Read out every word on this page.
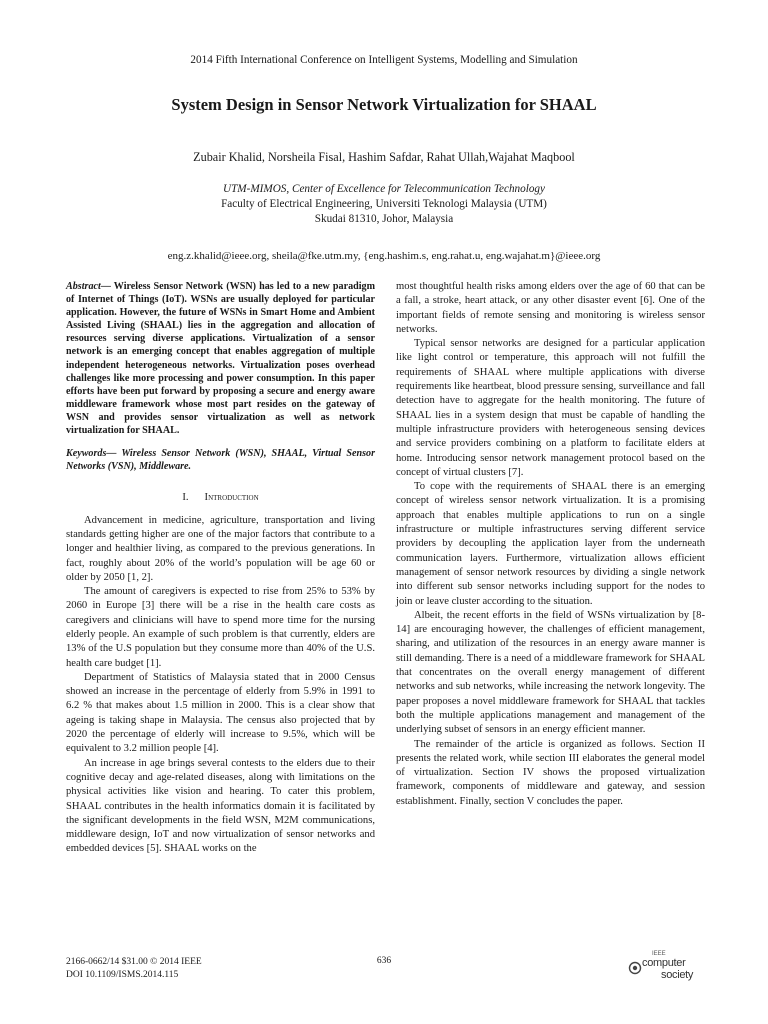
2014 Fifth International Conference on Intelligent Systems, Modelling and Simulation
System Design in Sensor Network Virtualization for SHAAL
Zubair Khalid, Norsheila Fisal, Hashim Safdar, Rahat Ullah,Wajahat Maqbool
UTM-MIMOS, Center of Excellence for Telecommunication Technology
Faculty of Electrical Engineering, Universiti Teknologi Malaysia (UTM)
Skudai 81310, Johor, Malaysia
eng.z.khalid@ieee.org, sheila@fke.utm.my, {eng.hashim.s, eng.rahat.u, eng.wajahat.m}@ieee.org

Abstract— Wireless Sensor Network (WSN) has led to a new paradigm of Internet of Things (IoT). WSNs are usually deployed for particular application. However, the future of WSNs in Smart Home and Ambient Assisted Living (SHAAL) lies in the aggregation and allocation of resources serving diverse applications. Virtualization of a sensor network is an emerging concept that enables aggregation of multiple independent heterogeneous networks. Virtualization poses overhead challenges like more processing and power consumption. In this paper efforts have been put forward by proposing a secure and energy aware middleware framework whose most part resides on the gateway of WSN and provides sensor virtualization as well as network virtualization for SHAAL.

Keywords— Wireless Sensor Network (WSN), SHAAL, Virtual Sensor Networks (VSN), Middleware.

I. Introduction

Advancement in medicine, agriculture, transportation and living standards getting higher are one of the major factors that contribute to a longer and healthier living, as compared to the previous generations. In fact, roughly about 20% of the world’s population will be age 60 or older by 2050 [1, 2].

The amount of caregivers is expected to rise from 25% to 53% by 2060 in Europe [3] there will be a rise in the health care costs as caregivers and clinicians will have to spend more time for the nursing elderly people. An example of such problem is that currently, elders are 13% of the U.S population but they consume more than 40% of the U.S. health care budget [1].

Department of Statistics of Malaysia stated that in 2000 Census showed an increase in the percentage of elderly from 5.9% in 1991 to 6.2 % that makes about 1.5 million in 2000. This is a clear show that ageing is taking shape in Malaysia. The census also projected that by 2020 the percentage of elderly will increase to 9.5%, which will be equivalent to 3.2 million people [4].

An increase in age brings several contests to the elders due to their cognitive decay and age-related diseases, along with limitations on the physical activities like vision and hearing. To cater this problem, SHAAL contributes in the health informatics domain it is facilitated by the significant developments in the field WSN, M2M communications, middleware design, IoT and now virtualization of sensor networks and embedded devices [5]. SHAAL works on the

most thoughtful health risks among elders over the age of 60 that can be a fall, a stroke, heart attack, or any other disaster event [6]. One of the important fields of remote sensing and monitoring is wireless sensor networks.

Typical sensor networks are designed for a particular application like light control or temperature, this approach will not fulfill the requirements of SHAAL where multiple applications with diverse requirements like heartbeat, blood pressure sensing, surveillance and fall detection have to aggregate for the health monitoring. The future of SHAAL lies in a system design that must be capable of handling the multiple infrastructure providers with heterogeneous sensing devices and service providers combining on a platform to facilitate elders at home. Introducing sensor network management protocol based on the concept of virtual clusters [7].

To cope with the requirements of SHAAL there is an emerging concept of wireless sensor network virtualization. It is a promising approach that enables multiple applications to run on a single infrastructure or multiple infrastructures serving different service providers by decoupling the application layer from the underneath communication layers. Furthermore, virtualization allows efficient management of sensor network resources by dividing a single network into different sub sensor networks including support for the nodes to join or leave cluster according to the situation.

Albeit, the recent efforts in the field of WSNs virtualization by [8-14] are encouraging however, the challenges of efficient management, sharing, and utilization of the resources in an energy aware manner is still demanding. There is a need of a middleware framework for SHAAL that concentrates on the overall energy management of different networks and sub networks, while increasing the network longevity. The paper proposes a novel middleware framework for SHAAL that tackles both the multiple applications management and management of the underlying subset of sensors in an energy efficient manner.

The remainder of the article is organized as follows. Section II presents the related work, while section III elaborates the general model of virtualization. Section IV shows the proposed virtualization framework, components of middleware and gateway, and session establishment. Finally, section V concludes the paper.

2166-0662/14 $31.00 © 2014 IEEE
DOI 10.1109/ISMS.2014.115
636
IEEE
computer
society
